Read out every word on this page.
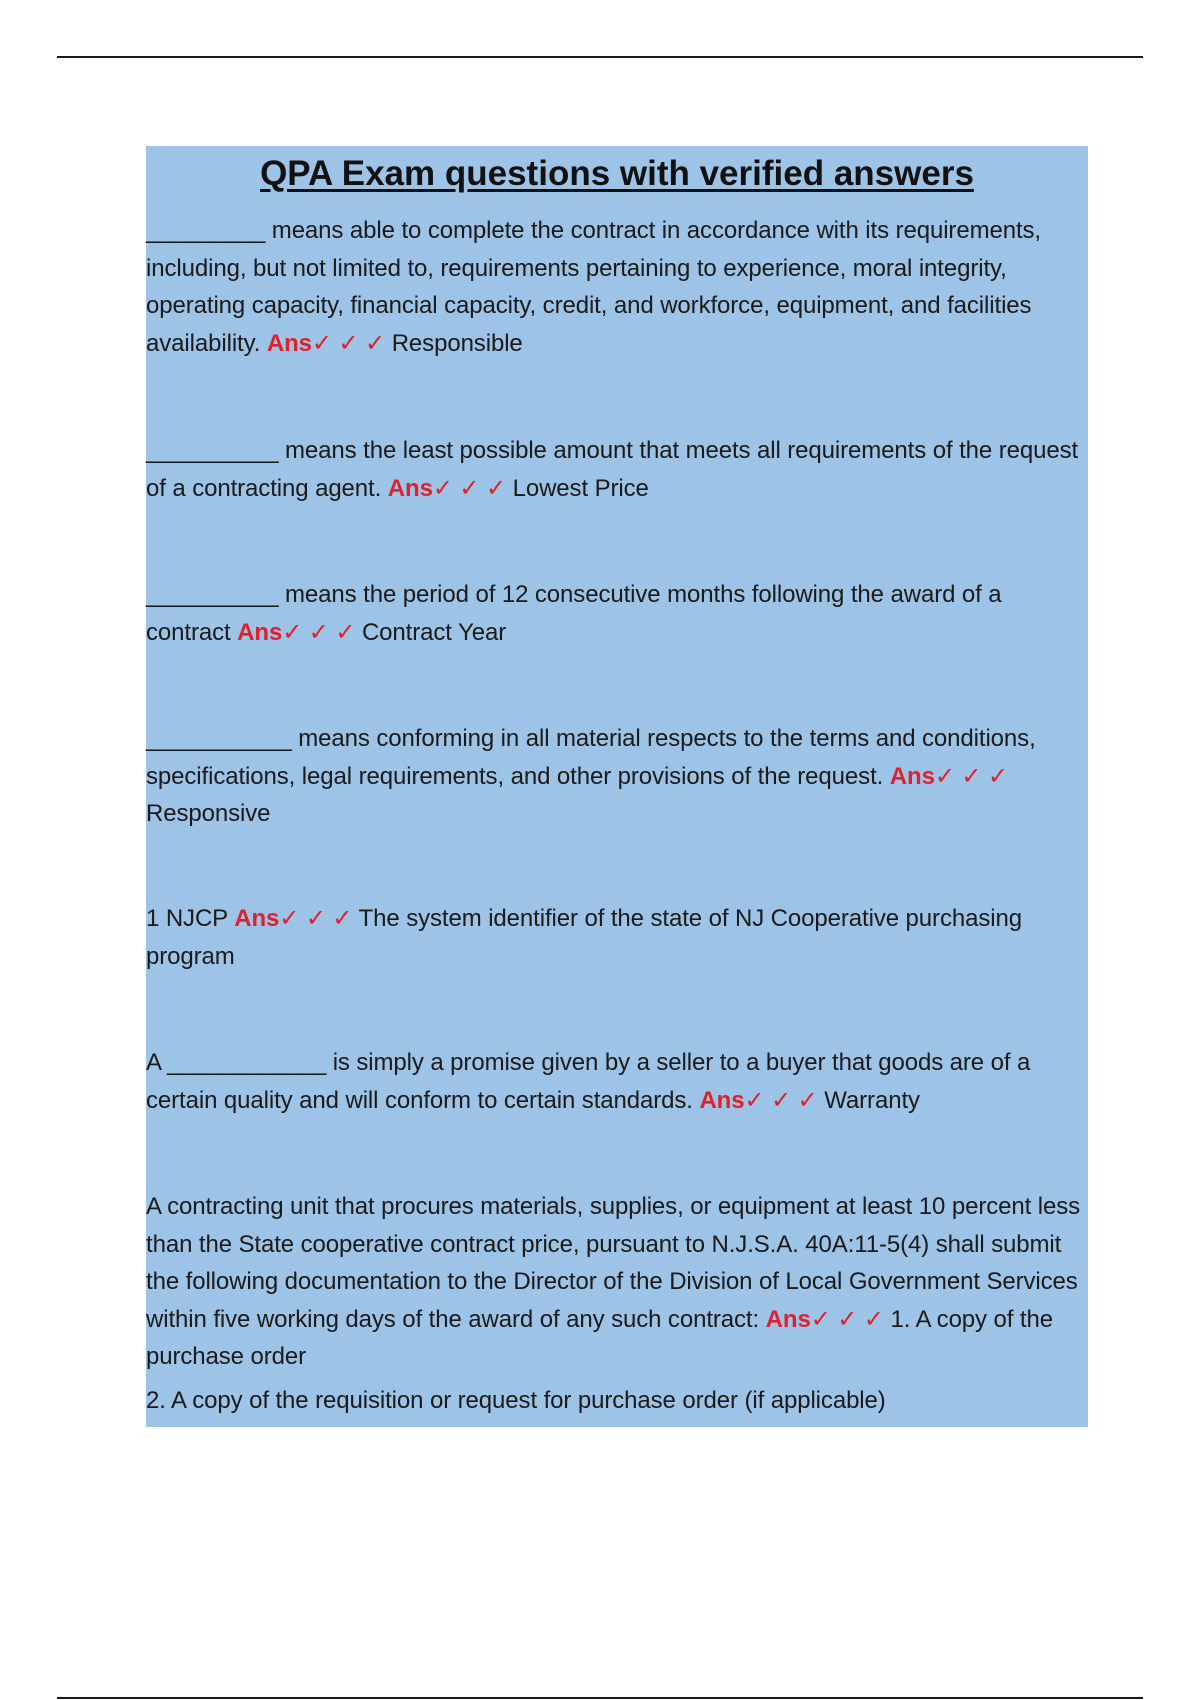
QPA Exam questions with verified answers

_________ means able to complete the contract in accordance with its requirements, including, but not limited to, requirements pertaining to experience, moral integrity, operating capacity, financial capacity, credit, and workforce, equipment, and facilities availability. Ans✓ ✓ ✓ Responsible

__________ means the least possible amount that meets all requirements of the request of a contracting agent. Ans✓ ✓ ✓ Lowest Price

__________ means the period of 12 consecutive months following the award of a contract Ans✓ ✓ ✓ Contract Year

___________ means conforming in all material respects to the terms and conditions, specifications, legal requirements, and other provisions of the request. Ans✓ ✓ ✓ Responsive

1 NJCP Ans✓ ✓ ✓ The system identifier of the state of NJ Cooperative purchasing program

A ____________ is simply a promise given by a seller to a buyer that goods are of a certain quality and will conform to certain standards. Ans✓ ✓ ✓ Warranty

A contracting unit that procures materials, supplies, or equipment at least 10 percent less than the State cooperative contract price, pursuant to N.J.S.A. 40A:11-5(4) shall submit the following documentation to the Director of the Division of Local Government Services within five working days of the award of any such contract: Ans✓ ✓ ✓ 1. A copy of the purchase order

2. A copy of the requisition or request for purchase order (if applicable)
